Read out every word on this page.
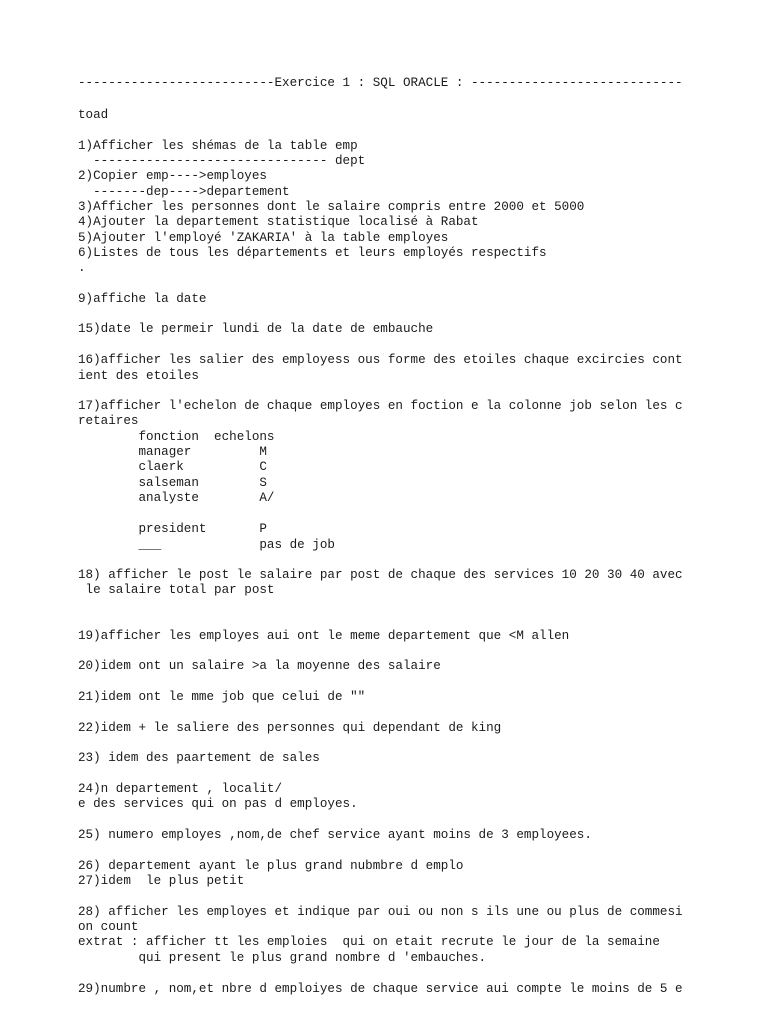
--------------------------Exercice 1 : SQL ORACLE : ----------------------------
toad
1)Afficher les shémas de la table emp
------------------------------- dept
2)Copier emp---->employes
-------dep---->departement
3)Afficher les personnes dont le salaire compris entre 2000 et 5000
4)Ajouter la departement statistique localisé à Rabat
5)Ajouter l'employé 'ZAKARIA' à la table employes
6)Listes de tous les départements et leurs employés respectifs
.
9)affiche la date
15)date le permeir lundi de la date de embauche
16)afficher les salier des employess ous forme des etoiles chaque excircies cont
ient des etoiles
17)afficher l'echelon de chaque employes en foction e la colonne job selon les c
retaires
fonction  echelons
manager         M
claerk          C
salseman        S
analyste        A/
president       P
___             pas de job
18) afficher le post le salaire par post de chaque des services 10 20 30 40 avec
le salaire total par post
19)afficher les employes aui ont le meme departement que <M allen
20)idem ont un salaire >a la moyenne des salaire
21)idem ont le mme job que celui de ""
22)idem + le saliere des personnes qui dependant de king
23) idem des paartement de sales
24)n departement , localit/
e des services qui on pas d employes.
25) numero employes ,nom,de chef service ayant moins de 3 employees.
26) departement ayant le plus grand nubmbre d emplo
27)idem  le plus petit
28) afficher les employes et indique par oui ou non s ils une ou plus de commesi
on count
extrat : afficher tt les emploies  qui on etait recrute le jour de la semaine
qui present le plus grand nombre d 'embauches.
29)numbre , nom,et nbre d emploiyes de chaque service aui compte le moins de 5 e
